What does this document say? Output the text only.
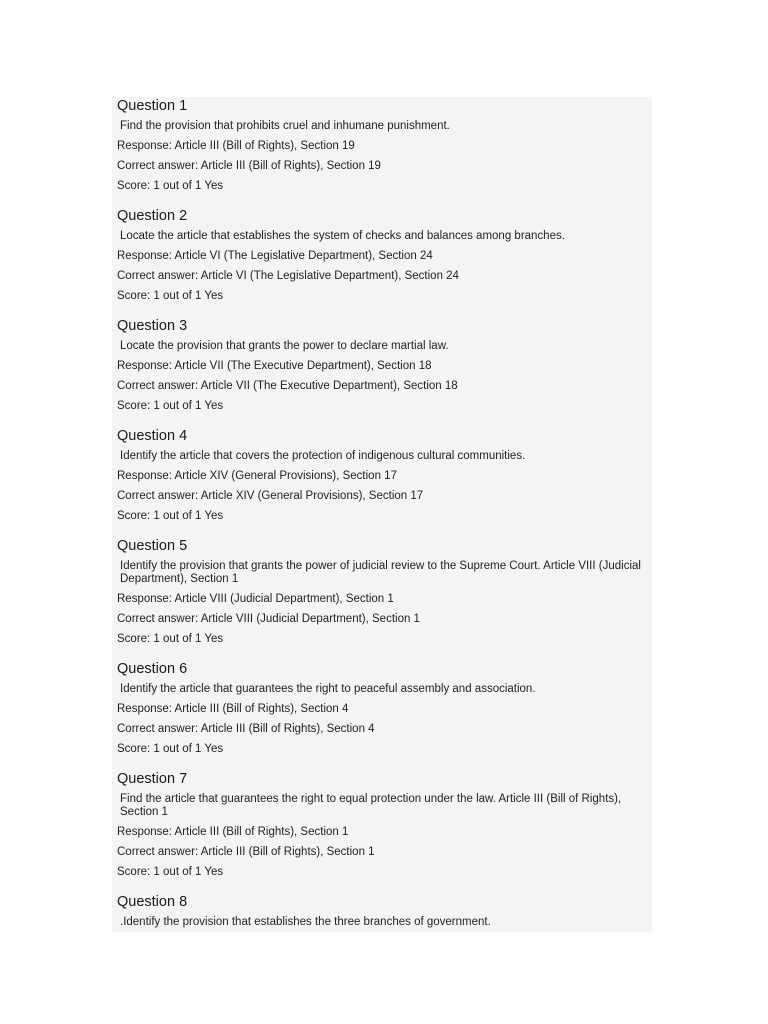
Question 1
Find the provision that prohibits cruel and inhumane punishment.
Response: Article III (Bill of Rights), Section 19
Correct answer: Article III (Bill of Rights), Section 19
Score: 1 out of 1 Yes
Question 2
Locate the article that establishes the system of checks and balances among branches.
Response: Article VI (The Legislative Department), Section 24
Correct answer: Article VI (The Legislative Department), Section 24
Score: 1 out of 1 Yes
Question 3
Locate the provision that grants the power to declare martial law.
Response: Article VII (The Executive Department), Section 18
Correct answer: Article VII (The Executive Department), Section 18
Score: 1 out of 1 Yes
Question 4
Identify the article that covers the protection of indigenous cultural communities.
Response: Article XIV (General Provisions), Section 17
Correct answer: Article XIV (General Provisions), Section 17
Score: 1 out of 1 Yes
Question 5
Identify the provision that grants the power of judicial review to the Supreme Court. Article VIII (Judicial Department), Section 1
Response: Article VIII (Judicial Department), Section 1
Correct answer: Article VIII (Judicial Department), Section 1
Score: 1 out of 1 Yes
Question 6
Identify the article that guarantees the right to peaceful assembly and association.
Response: Article III (Bill of Rights), Section 4
Correct answer: Article III (Bill of Rights), Section 4
Score: 1 out of 1 Yes
Question 7
Find the article that guarantees the right to equal protection under the law. Article III (Bill of Rights), Section 1
Response: Article III (Bill of Rights), Section 1
Correct answer: Article III (Bill of Rights), Section 1
Score: 1 out of 1 Yes
Question 8
.Identify the provision that establishes the three branches of government.
